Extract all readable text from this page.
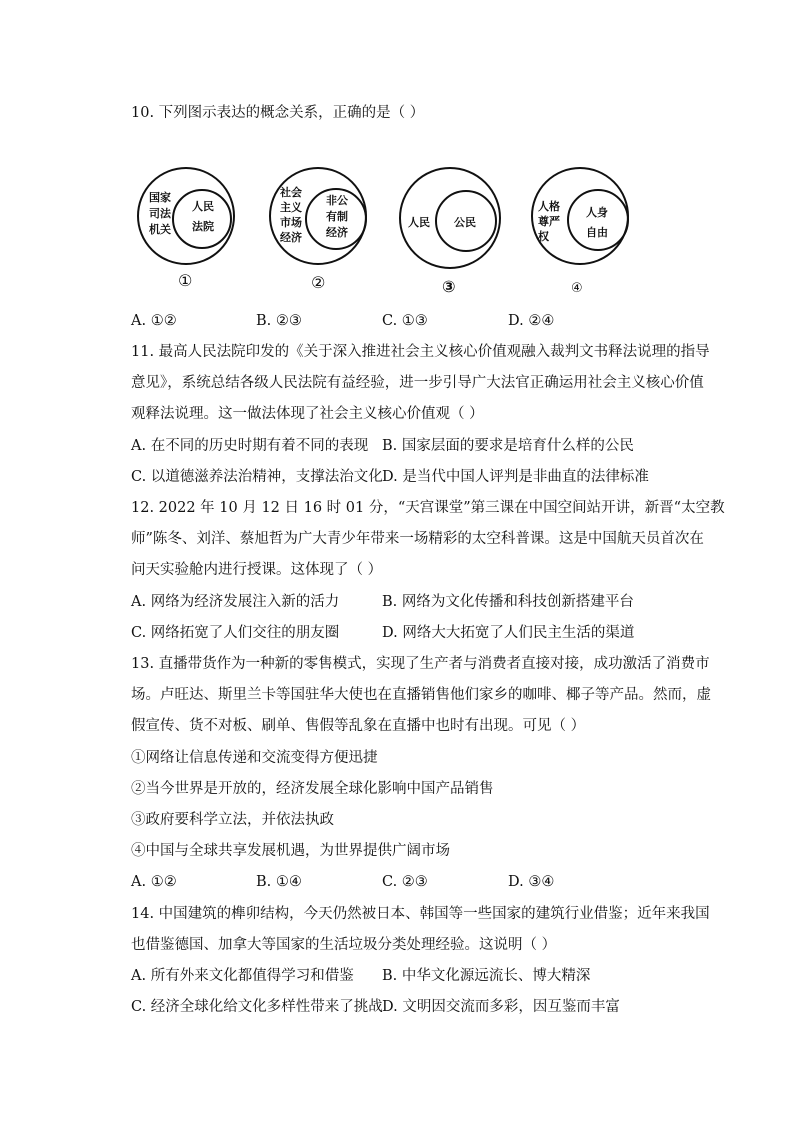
10. 下列图示表达的概念关系，正确的是（ ）
国家
司法
机关
人民
法院
①
社会
主义
市场
经济
非公
有制
经济
②
人民 公民
③
人格
尊严
权
人身
自由
④
A. ①②	B. ②③	C. ①③	D. ②④
11. 最高人民法院印发的《关于深入推进社会主义核心价值观融入裁判文书释法说理的指导
意见》，系统总结各级人民法院有益经验，进一步引导广大法官正确运用社会主义核心价值
观释法说理。这一做法体现了社会主义核心价值观（ ）
A. 在不同的历史时期有着不同的表现 B. 国家层面的要求是培育什么样的公民
C. 以道德滋养法治精神，支撑法治文化 D. 是当代中国人评判是非曲直的法律标准
12. 2022 年 10 月 12 日 16 时 01 分，“天宫课堂”第三课在中国空间站开讲，新晋“太空教
师”陈冬、刘洋、蔡旭哲为广大青少年带来一场精彩的太空科普课。这是中国航天员首次在
问天实验舱内进行授课。这体现了（ ）
A. 网络为经济发展注入新的活力	B. 网络为文化传播和科技创新搭建平台
C. 网络拓宽了人们交往的朋友圈	D. 网络大大拓宽了人们民主生活的渠道
13. 直播带货作为一种新的零售模式，实现了生产者与消费者直接对接，成功激活了消费市
场。卢旺达、斯里兰卡等国驻华大使也在直播销售他们家乡的咖啡、椰子等产品。然而，虚
假宣传、货不对板、刷单、售假等乱象在直播中也时有出现。可见（ ）
①网络让信息传递和交流变得方便迅捷
②当今世界是开放的，经济发展全球化影响中国产品销售
③政府要科学立法，并依法执政
④中国与全球共享发展机遇，为世界提供广阔市场
A. ①②	B. ①④	C. ②③	D. ③④
14. 中国建筑的榫卯结构，今天仍然被日本、韩国等一些国家的建筑行业借鉴；近年来我国
也借鉴德国、加拿大等国家的生活垃圾分类处理经验。这说明（ ）
A. 所有外来文化都值得学习和借鉴 B. 中华文化源远流长、博大精深
C. 经济全球化给文化多样性带来了挑战 D. 文明因交流而多彩，因互鉴而丰富
